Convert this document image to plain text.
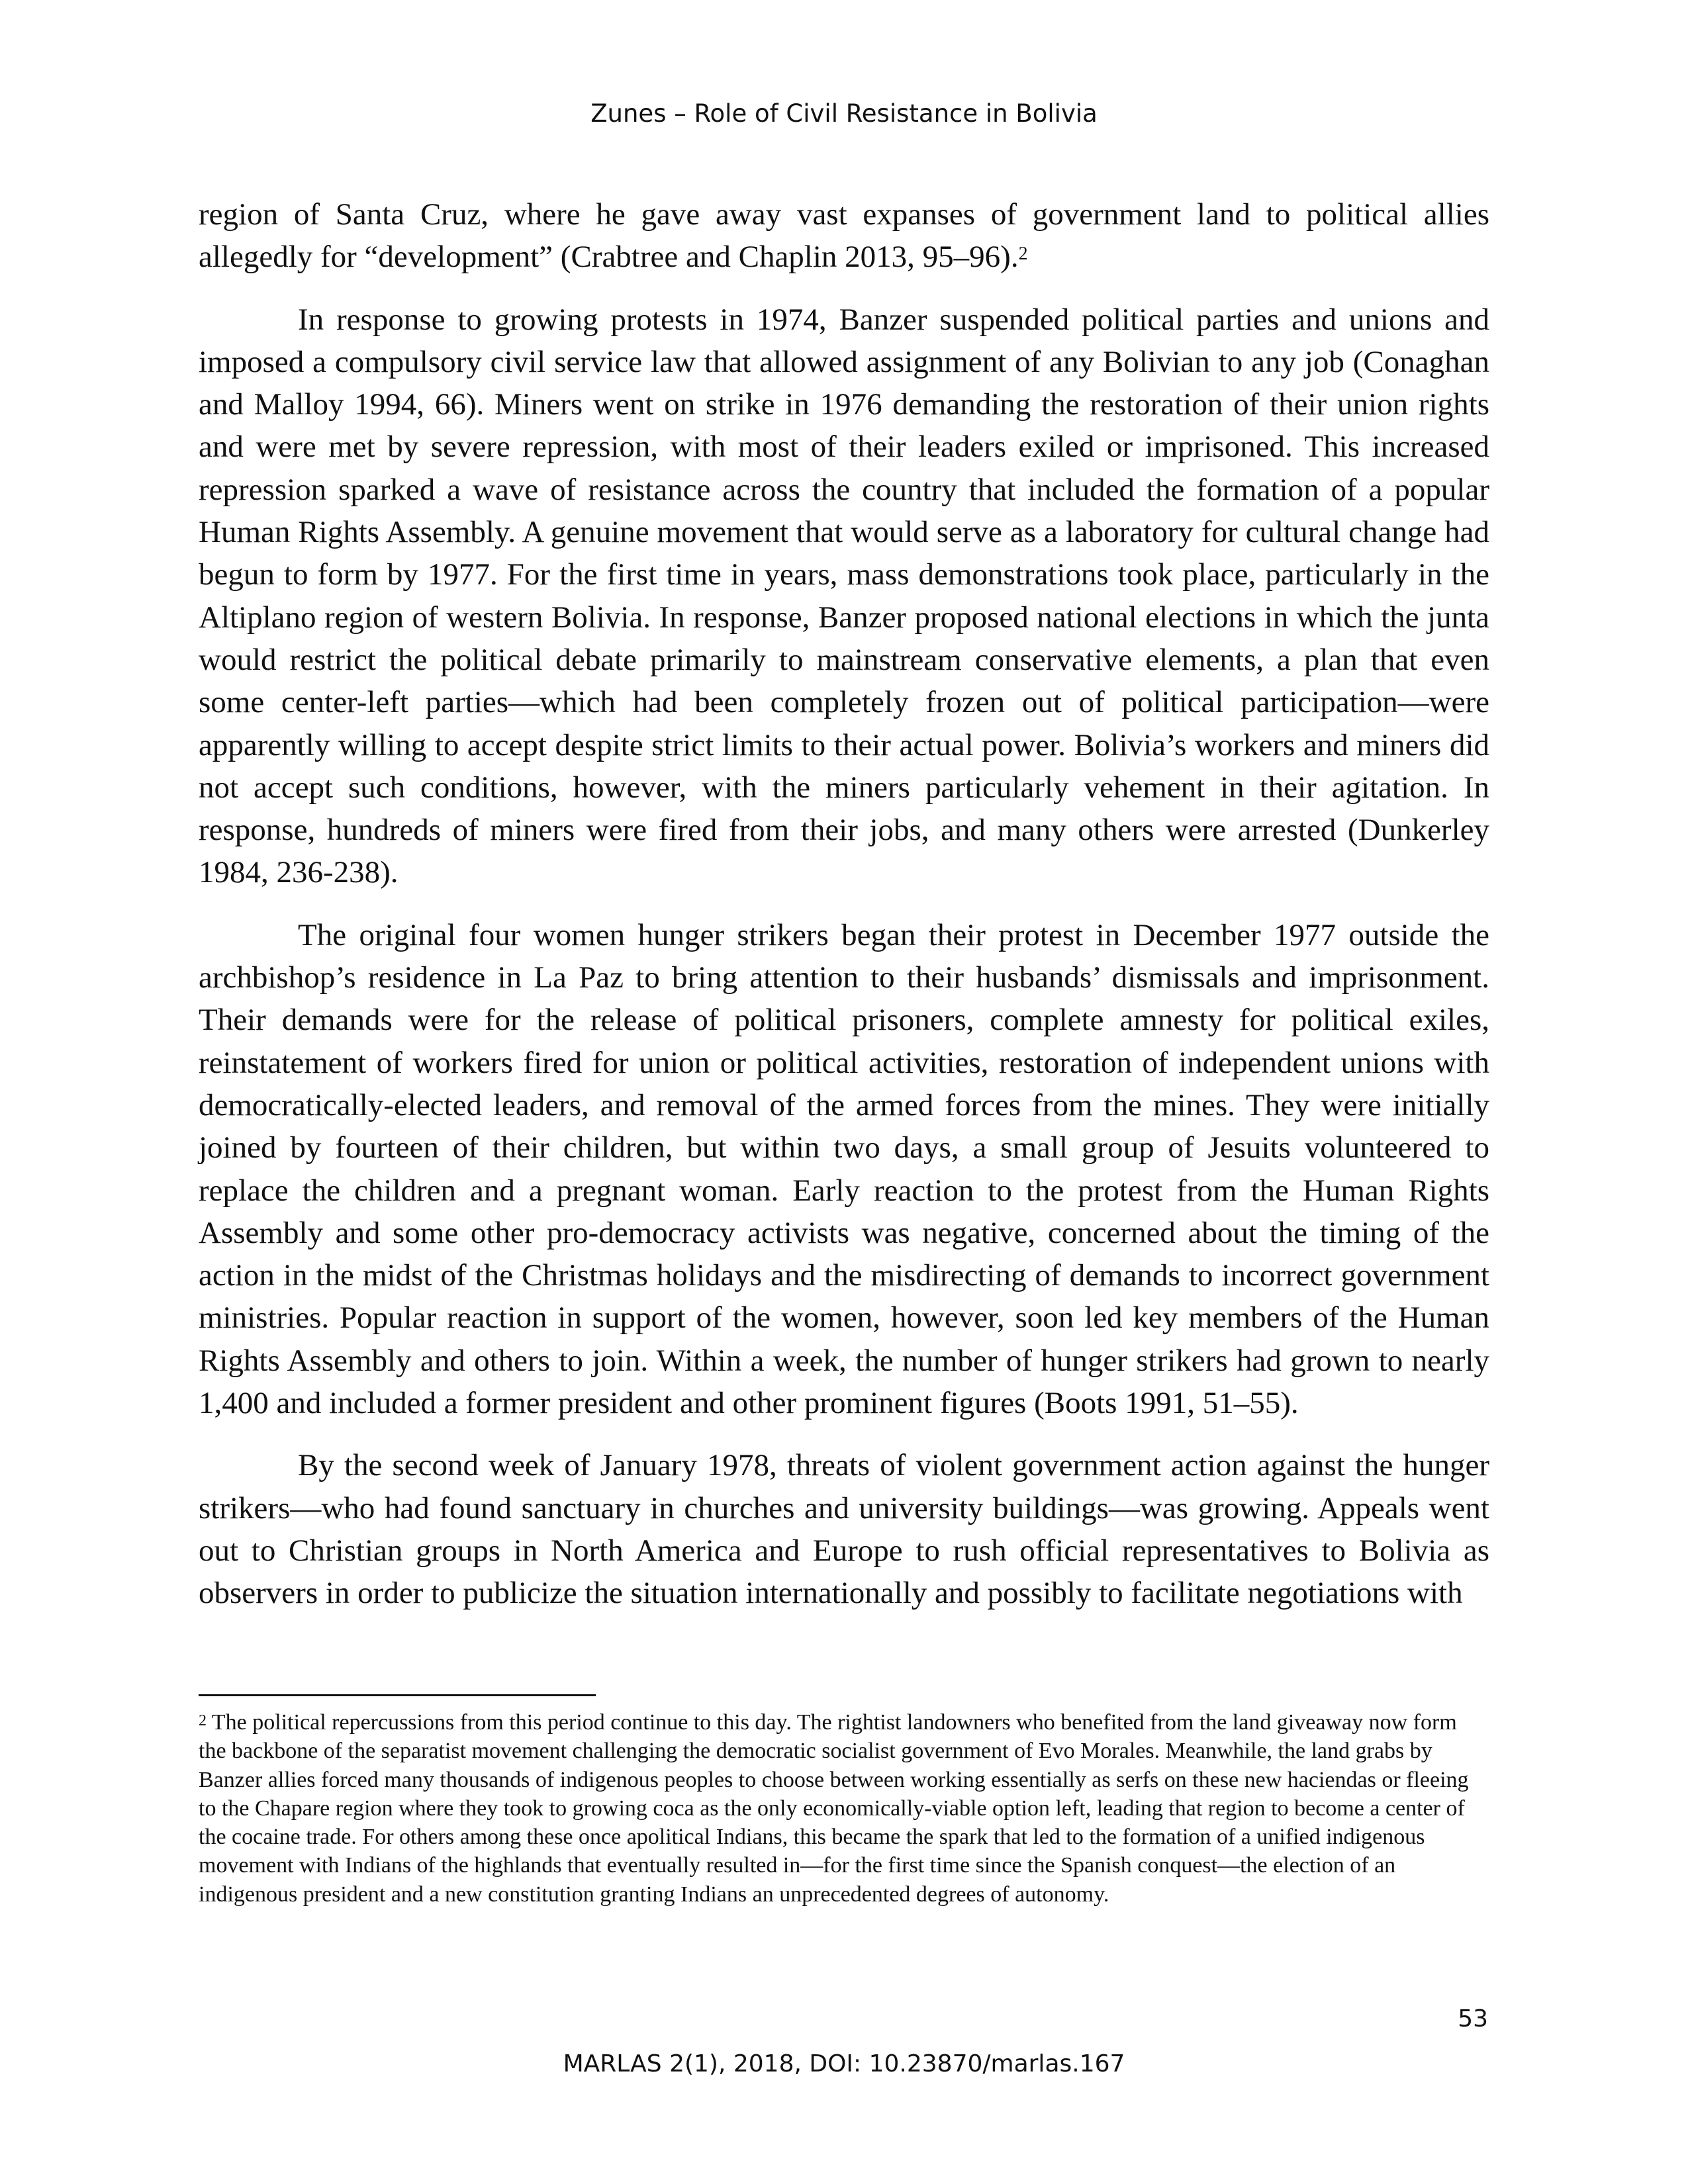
Zunes – Role of Civil Resistance in Bolivia

region of Santa Cruz, where he gave away vast expanses of government land to political allies allegedly for “development” (Crabtree and Chaplin 2013, 95–96).$^2$

In response to growing protests in 1974, Banzer suspended political parties and unions and imposed a compulsory civil service law that allowed assignment of any Bolivian to any job (Conaghan and Malloy 1994, 66). Miners went on strike in 1976 demanding the restoration of their union rights and were met by severe repression, with most of their leaders exiled or imprisoned. This increased repression sparked a wave of resistance across the country that included the formation of a popular Human Rights Assembly. A genuine movement that would serve as a laboratory for cultural change had begun to form by 1977. For the first time in years, mass demonstrations took place, particularly in the Altiplano region of western Bolivia. In response, Banzer proposed national elections in which the junta would restrict the political debate primarily to mainstream conservative elements, a plan that even some center-left parties—which had been completely frozen out of political participation—were apparently willing to accept despite strict limits to their actual power. Bolivia’s workers and miners did not accept such conditions, however, with the miners particularly vehement in their agitation. In response, hundreds of miners were fired from their jobs, and many others were arrested (Dunkerley 1984, 236-238).

The original four women hunger strikers began their protest in December 1977 outside the archbishop’s residence in La Paz to bring attention to their husbands’ dismissals and imprisonment. Their demands were for the release of political prisoners, complete amnesty for political exiles, reinstatement of workers fired for union or political activities, restoration of independent unions with democratically-elected leaders, and removal of the armed forces from the mines. They were initially joined by fourteen of their children, but within two days, a small group of Jesuits volunteered to replace the children and a pregnant woman. Early reaction to the protest from the Human Rights Assembly and some other pro-democracy activists was negative, concerned about the timing of the action in the midst of the Christmas holidays and the misdirecting of demands to incorrect government ministries. Popular reaction in support of the women, however, soon led key members of the Human Rights Assembly and others to join. Within a week, the number of hunger strikers had grown to nearly 1,400 and included a former president and other prominent figures (Boots 1991, 51–55).

By the second week of January 1978, threats of violent government action against the hunger strikers—who had found sanctuary in churches and university buildings—was growing. Appeals went out to Christian groups in North America and Europe to rush official representatives to Bolivia as observers in order to publicize the situation internationally and possibly to facilitate negotiations with

$^2$ The political repercussions from this period continue to this day. The rightist landowners who benefited from the land giveaway now form the backbone of the separatist movement challenging the democratic socialist government of Evo Morales. Meanwhile, the land grabs by Banzer allies forced many thousands of indigenous peoples to choose between working essentially as serfs on these new haciendas or fleeing to the Chapare region where they took to growing coca as the only economically-viable option left, leading that region to become a center of the cocaine trade. For others among these once apolitical Indians, this became the spark that led to the formation of a unified indigenous movement with Indians of the highlands that eventually resulted in—for the first time since the Spanish conquest—the election of an indigenous president and a new constitution granting Indians an unprecedented degrees of autonomy.
53
MARLAS 2(1), 2018, DOI: 10.23870/marlas.167
